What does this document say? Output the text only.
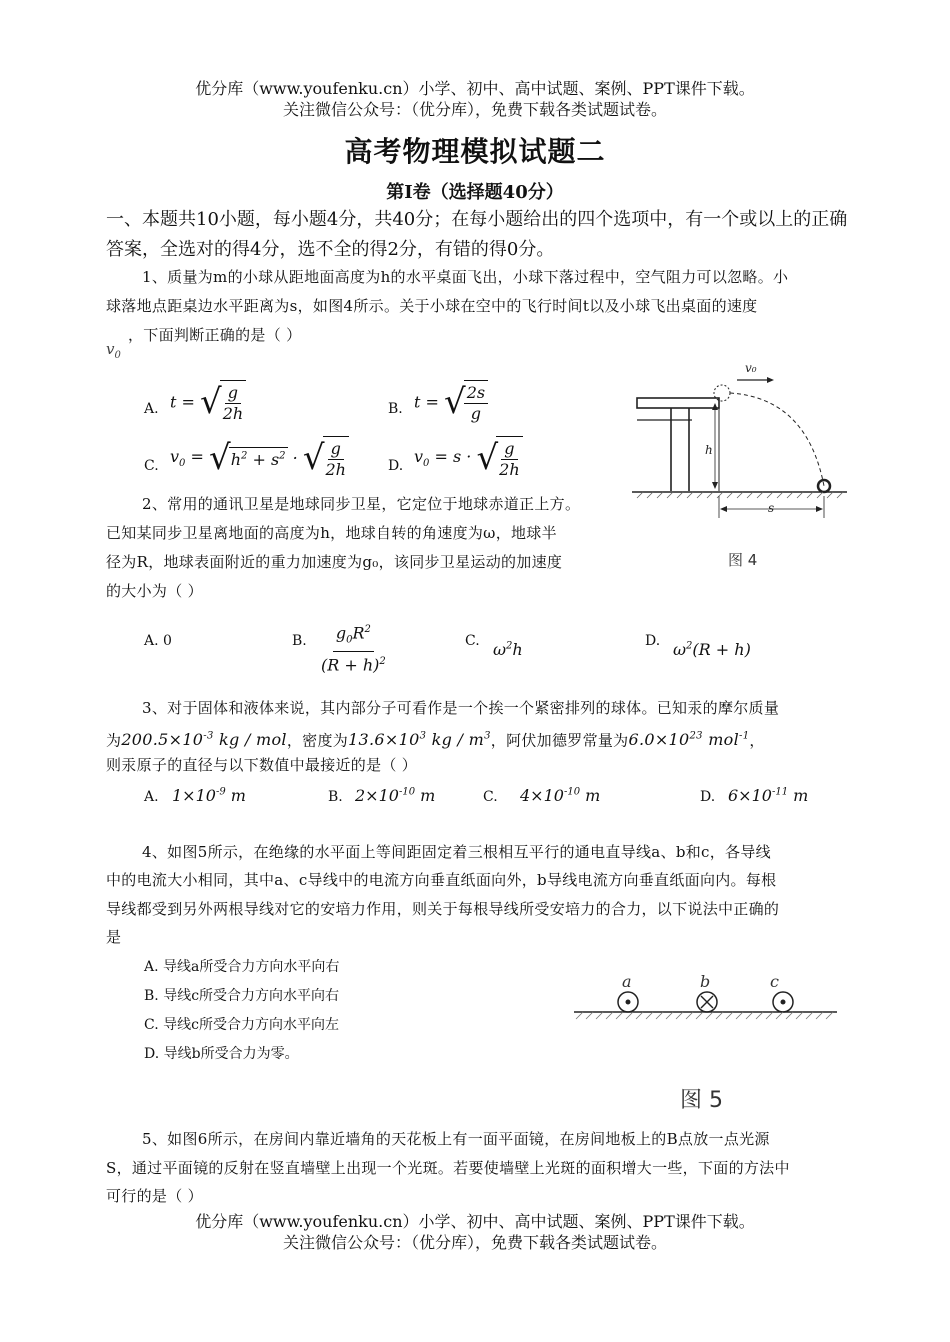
优分库（www.youfenku.cn）小学、初中、高中试题、案例、PPT课件下载。
关注微信公众号：（优分库），免费下载各类试题试卷。
高考物理模拟试题二
第Ⅰ卷（选择题40分）
一、本题共10小题，每小题4分，共40分；在每小题给出的四个选项中，有一个或以上的正确答案，全选对的得4分，选不全的得2分，有错的得0分。
1、质量为m的小球从距地面高度为h的水平桌面飞出，小球下落过程中，空气阻力可以忽略。小
球落地点距桌边水平距离为s，如图4所示。关于小球在空中的飞行时间t以及小球飞出桌面的速度
，下面判断正确的是（ ）
$v_0$
A. t = √
$\frac{g}{2h}$	B. t = √
$\frac{2s}{g}$
C.
$v_0$ = √ $h^2 + s^2$ · √
$\frac{g}{2h}$	D.
$v_0 = s$ · √
$\frac{g}{2h}$
v₀
h
s
图 4
2、常用的通讯卫星是地球同步卫星，它定位于地球赤道正上方。
已知某同步卫星离地面的高度为h，地球自转的角速度为ω，地球半
径为R，地球表面附近的重力加速度为g₀，该同步卫星运动的加速度
的大小为（ ）
A. 0	B. $\frac{g_0R^2}{(R + h)^2}$	C. $\omega^2h$	D. $\omega^2(R + h)$
3、对于固体和液体来说，其内部分子可看作是一个挨一个紧密排列的球体。已知汞的摩尔质量
为$200.5\times 10^{-3}$ kg / mol，密度为$13.6\times 10^3$ kg / $m^3$，阿伏加德罗常量为$6.0\times 10^{23}$ mol$^{-1}$，
则汞原子的直径与以下数值中最接近的是（ ）
A. $1\times 10^{-9}$ m	B. $2\times 10^{-10}$ m	C. $4\times 10^{-10}$ m	D. $6\times 10^{-11}$ m
4、如图5所示，在绝缘的水平面上等间距固定着三根相互平行的通电直导线a、b和c，各导线
中的电流大小相同，其中a、c导线中的电流方向垂直纸面向外，b导线电流方向垂直纸面向内。每根
导线都受到另外两根导线对它的安培力作用，则关于每根导线所受安培力的合力，以下说法中正确的
是
A. 导线a所受合力方向水平向右
B. 导线c所受合力方向水平向右
C. 导线c所受合力方向水平向左
D. 导线b所受合力为零。
a	b	c
图 5
5、如图6所示，在房间内靠近墙角的天花板上有一面平面镜，在房间地板上的B点放一点光源
S，通过平面镜的反射在竖直墙壁上出现一个光斑。若要使墙壁上光斑的面积增大一些，下面的方法中
可行的是（ ）
优分库（www.youfenku.cn）小学、初中、高中试题、案例、PPT课件下载。
关注微信公众号：（优分库），免费下载各类试题试卷。
